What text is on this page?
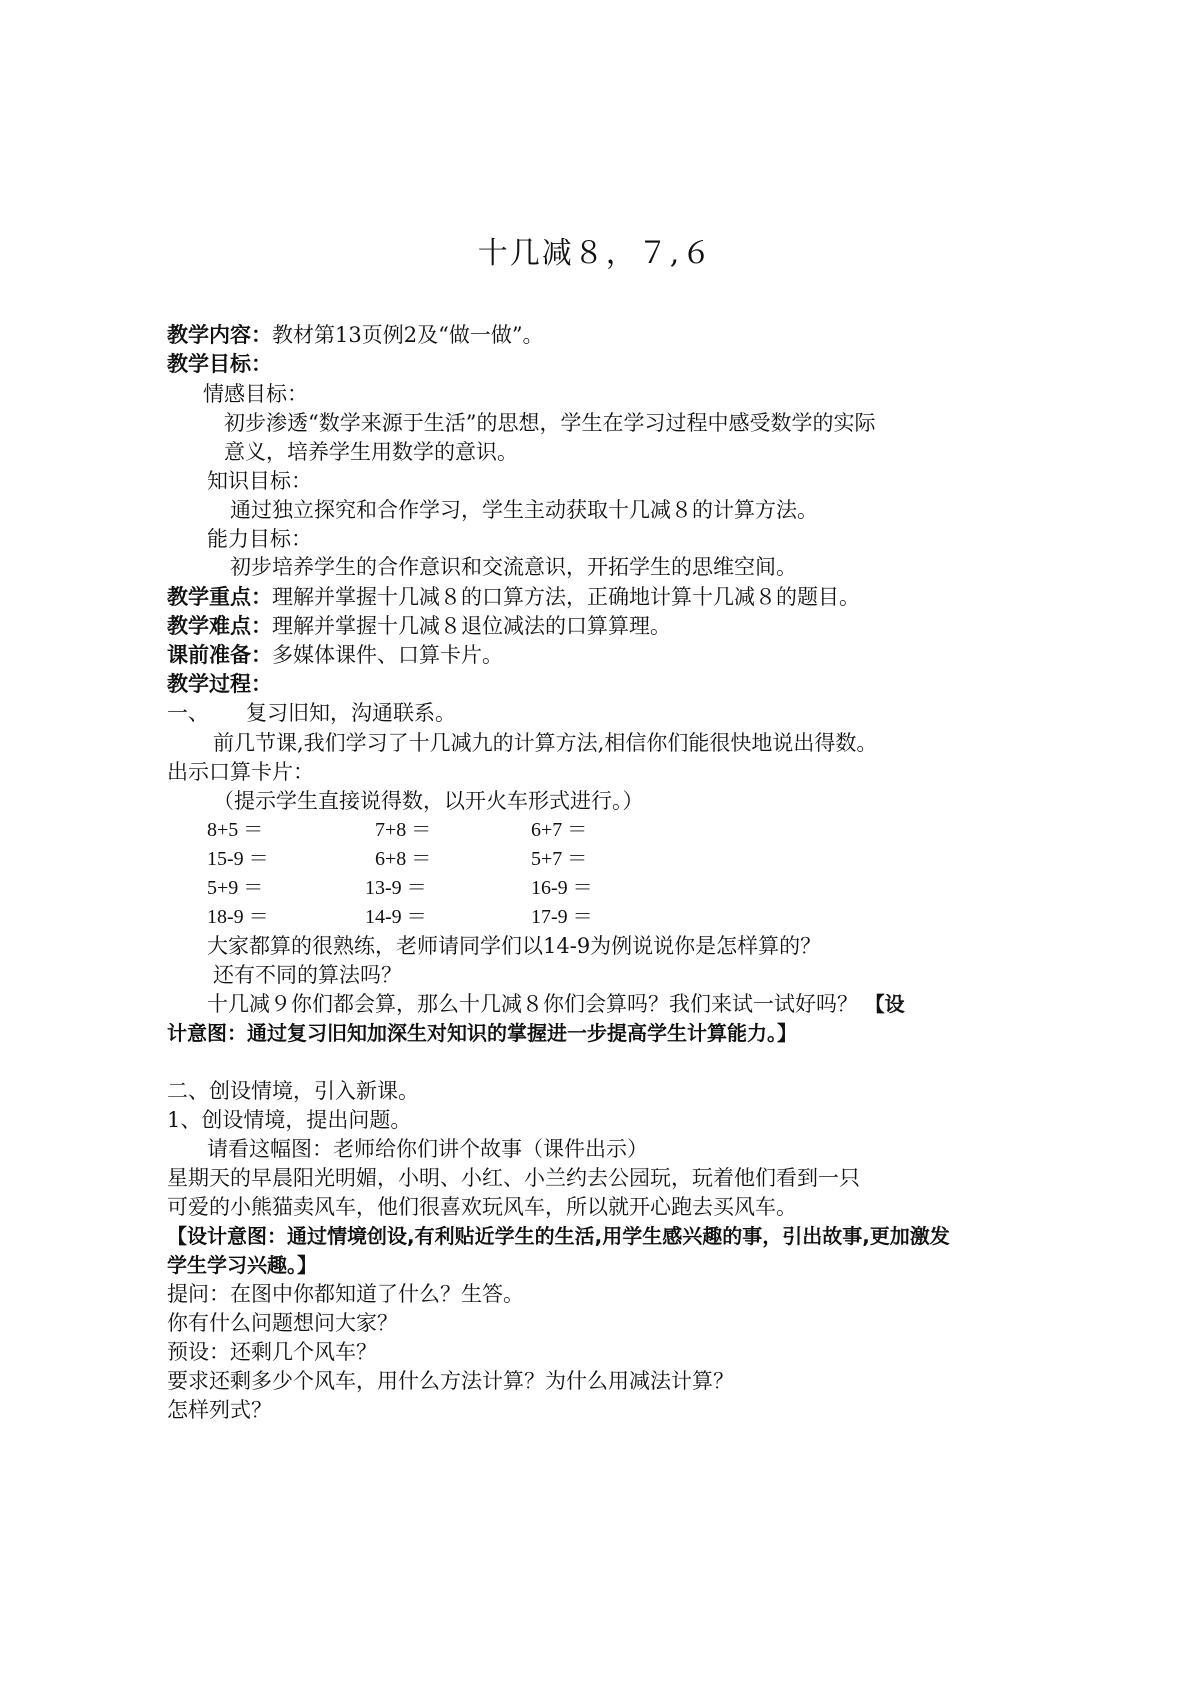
十几减８，７,６
教学内容：教材第13页例2及“做一做”。
教学目标：
情感目标：
初步渗透“数学来源于生活”的思想，学生在学习过程中感受数学的实际
意义，培养学生用数学的意识。
知识目标：
通过独立探究和合作学习，学生主动获取十几减８的计算方法。
能力目标：
初步培养学生的合作意识和交流意识，开拓学生的思维空间。
教学重点：理解并掌握十几减８的口算方法，正确地计算十几减８的题目。
教学难点：理解并掌握十几减８退位减法的口算算理。
课前准备：多媒体课件、口算卡片。
教学过程：
一、 复习旧知，沟通联系。
前几节课,我们学习了十几减九的计算方法,相信你们能很快地说出得数。
出示口算卡片：
（提示学生直接说得数，以开火车形式进行。）
8+5 ＝	7+8 ＝	6+7 ＝
15-9 ＝	6+8 ＝	5+7 ＝
5+9 ＝	13-9 ＝	16-9 ＝
18-9 ＝	14-9 ＝	17-9 ＝
大家都算的很熟练，老师请同学们以14-9为例说说你是怎样算的？
还有不同的算法吗？
十几减９你们都会算，那么十几减８你们会算吗？我们来试一试好吗？ 【设
计意图：通过复习旧知加深生对知识的掌握进一步提高学生计算能力。】
二、创设情境，引入新课。
1、创设情境，提出问题。
请看这幅图：老师给你们讲个故事（课件出示）
星期天的早晨阳光明媚，小明、小红、小兰约去公园玩，玩着他们看到一只
可爱的小熊猫卖风车，他们很喜欢玩风车，所以就开心跑去买风车。
【设计意图：通过情境创设,有利贴近学生的生活,用学生感兴趣的事，引出故事,更加激发
学生学习兴趣。】
提问：在图中你都知道了什么？生答。
你有什么问题想问大家？
预设：还剩几个风车？
要求还剩多少个风车，用什么方法计算？为什么用减法计算？
怎样列式？
